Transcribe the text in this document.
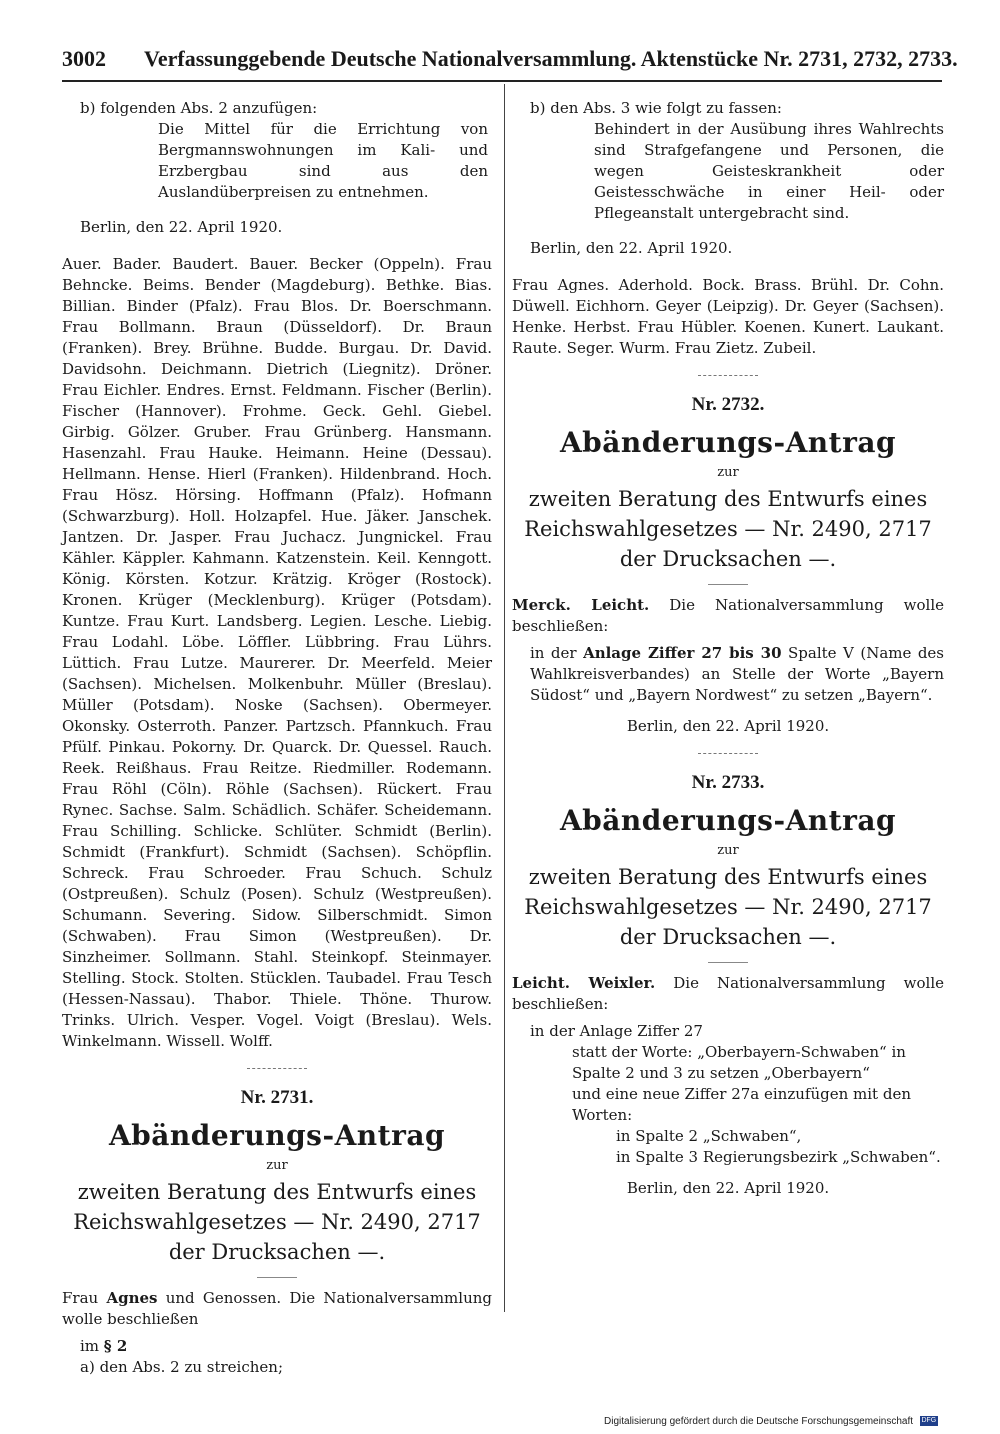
3002 Verfassunggebende Deutsche Nationalversammlung. Aktenstücke Nr. 2731, 2732, 2733.
b) folgenden Abs. 2 anzufügen:
Die Mittel für die Errichtung von Bergmannswohnungen im Kali- und Erzbergbau sind aus den Auslandüberpreisen zu entnehmen.
Berlin, den 22. April 1920.
Auer. Bader. Baudert. Bauer. Becker (Oppeln). Frau Behncke. Beims. Bender (Magdeburg). Bethke. Bias. Billian. Binder (Pfalz). Frau Blos. Dr. Boerschmann. Frau Bollmann. Braun (Düsseldorf). Dr. Braun (Franken). Brey. Brühne. Budde. Burgau. Dr. David. Davidsohn. Deichmann. Dietrich (Liegnitz). Dröner. Frau Eichler. Endres. Ernst. Feldmann. Fischer (Berlin). Fischer (Hannover). Frohme. Geck. Gehl. Giebel. Girbig. Gölzer. Gruber. Frau Grünberg. Hansmann. Hasenzahl. Frau Hauke. Heimann. Heine (Dessau). Hellmann. Hense. Hierl (Franken). Hildenbrand. Hoch. Frau Hösz. Hörsing. Hoffmann (Pfalz). Hofmann (Schwarzburg). Holl. Holzapfel. Hue. Jäker. Janschek. Jantzen. Dr. Jasper. Frau Juchacz. Jungnickel. Frau Kähler. Käppler. Kahmann. Katzenstein. Keil. Kenngott. König. Körsten. Kotzur. Krätzig. Kröger (Rostock). Kronen. Krüger (Mecklenburg). Krüger (Potsdam). Kuntze. Frau Kurt. Landsberg. Legien. Lesche. Liebig. Frau Lodahl. Löbe. Löffler. Lübbring. Frau Lührs. Lüttich. Frau Lutze. Maurerer. Dr. Meerfeld. Meier (Sachsen). Michelsen. Molkenbuhr. Müller (Breslau). Müller (Potsdam). Noske (Sachsen). Obermeyer. Okonsky. Osterroth. Panzer. Partzsch. Pfannkuch. Frau Pfülf. Pinkau. Pokorny. Dr. Quarck. Dr. Quessel. Rauch. Reek. Reißhaus. Frau Reitze. Riedmiller. Rodemann. Frau Röhl (Cöln). Röhle (Sachsen). Rückert. Frau Rynec. Sachse. Salm. Schädlich. Schäfer. Scheidemann. Frau Schilling. Schlicke. Schlüter. Schmidt (Berlin). Schmidt (Frankfurt). Schmidt (Sachsen). Schöpflin. Schreck. Frau Schroeder. Frau Schuch. Schulz (Ostpreußen). Schulz (Posen). Schulz (Westpreußen). Schumann. Severing. Sidow. Silberschmidt. Simon (Schwaben). Frau Simon (Westpreußen). Dr. Sinzheimer. Sollmann. Stahl. Steinkopf. Steinmayer. Stelling. Stock. Stolten. Stücklen. Taubadel. Frau Tesch (Hessen-Nassau). Thabor. Thiele. Thöne. Thurow. Trinks. Ulrich. Vesper. Vogel. Voigt (Breslau). Wels. Winkelmann. Wissell. Wolff.
Nr. 2731.
Abänderungs-Antrag
zur
zweiten Beratung des Entwurfs eines Reichswahlgesetzes — Nr. 2490, 2717 der Drucksachen —.
Frau Agnes und Genossen. Die Nationalversammlung wolle beschließen
im § 2
a) den Abs. 2 zu streichen;
b) den Abs. 3 wie folgt zu fassen:
Behindert in der Ausübung ihres Wahlrechts sind Strafgefangene und Personen, die wegen Geisteskrankheit oder Geistesschwäche in einer Heil- oder Pflegeanstalt untergebracht sind.
Berlin, den 22. April 1920.
Frau Agnes. Aderhold. Bock. Brass. Brühl. Dr. Cohn. Düwell. Eichhorn. Geyer (Leipzig). Dr. Geyer (Sachsen). Henke. Herbst. Frau Hübler. Koenen. Kunert. Laukant. Raute. Seger. Wurm. Frau Zietz. Zubeil.
Nr. 2732.
Abänderungs-Antrag
zur
zweiten Beratung des Entwurfs eines Reichswahlgesetzes — Nr. 2490, 2717 der Drucksachen —.
Merck. Leicht. Die Nationalversammlung wolle beschließen:
in der Anlage Ziffer 27 bis 30 Spalte V (Name des Wahlkreisverbandes) an Stelle der Worte „Bayern Südost“ und „Bayern Nordwest“ zu setzen „Bayern“.
Berlin, den 22. April 1920.
Nr. 2733.
Abänderungs-Antrag
zur
zweiten Beratung des Entwurfs eines Reichswahlgesetzes — Nr. 2490, 2717 der Drucksachen —.
Leicht. Weixler. Die Nationalversammlung wolle beschließen:
in der Anlage Ziffer 27
statt der Worte: „Oberbayern-Schwaben“ in Spalte 2 und 3 zu setzen „Oberbayern“
und eine neue Ziffer 27a einzufügen mit den Worten:
in Spalte 2 „Schwaben“,
in Spalte 3 Regierungsbezirk „Schwaben“.
Berlin, den 22. April 1920.
Digitalisierung gefördert durch die Deutsche Forschungsgemeinschaft DFG
